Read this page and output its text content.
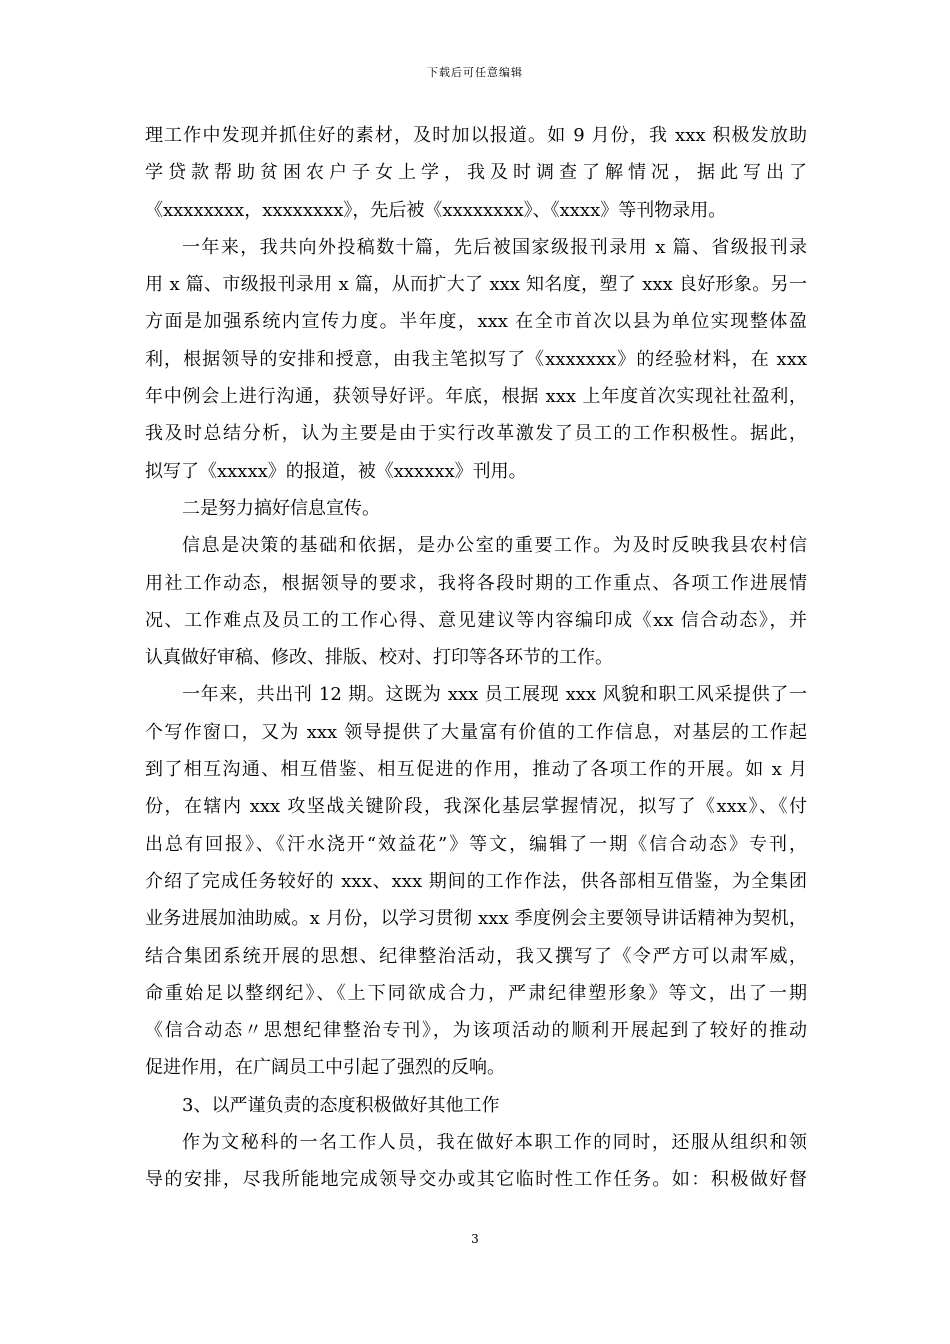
下载后可任意编辑
理工作中发现并抓住好的素材，及时加以报道。如 9 月份，我 xxx 积极发放助
学贷款帮助贫困农户子女上学，我及时调查了解情况，据此写出了
《xxxxxxxx，xxxxxxxx》，先后被《xxxxxxxx》、《xxxx》等刊物录用。
一年来，我共向外投稿数十篇，先后被国家级报刊录用 x 篇、省级报刊录
用 x 篇、市级报刊录用 x 篇，从而扩大了 xxx 知名度，塑了 xxx 良好形象。另一
方面是加强系统内宣传力度。半年度，xxx 在全市首次以县为单位实现整体盈
利，根据领导的安排和授意，由我主笔拟写了《xxxxxxx》的经验材料，在 xxx
年中例会上进行沟通，获领导好评。年底，根据 xxx 上年度首次实现社社盈利，
我及时总结分析，认为主要是由于实行改革激发了员工的工作积极性。据此，
拟写了《xxxxx》的报道，被《xxxxxx》刊用。
二是努力搞好信息宣传。
信息是决策的基础和依据，是办公室的重要工作。为及时反映我县农村信
用社工作动态，根据领导的要求，我将各段时期的工作重点、各项工作进展情
况、工作难点及员工的工作心得、意见建议等内容编印成《xx 信合动态》，并
认真做好审稿、修改、排版、校对、打印等各环节的工作。
一年来，共出刊 12 期。这既为 xxx 员工展现 xxx 风貌和职工风采提供了一
个写作窗口，又为 xxx 领导提供了大量富有价值的工作信息，对基层的工作起
到了相互沟通、相互借鉴、相互促进的作用，推动了各项工作的开展。如 x 月
份，在辖内 xxx 攻坚战关键阶段，我深化基层掌握情况，拟写了《xxx》、《付
出总有回报》、《汗水浇开“效益花”》等文，编辑了一期《信合动态》专刊，
介绍了完成任务较好的 xxx、xxx 期间的工作作法，供各部相互借鉴，为全集团
业务进展加油助威。x 月份，以学习贯彻 xxx 季度例会主要领导讲话精神为契机，
结合集团系统开展的思想、纪律整治活动，我又撰写了《令严方可以肃军威，
命重始足以整纲纪》、《上下同欲成合力，严肃纪律塑形象》等文，出了一期
《信合动态〃思想纪律整治专刊》，为该项活动的顺利开展起到了较好的推动
促进作用，在广阔员工中引起了强烈的反响。
3、以严谨负责的态度积极做好其他工作
作为文秘科的一名工作人员，我在做好本职工作的同时，还服从组织和领
导的安排，尽我所能地完成领导交办或其它临时性工作任务。如：积极做好督
3
